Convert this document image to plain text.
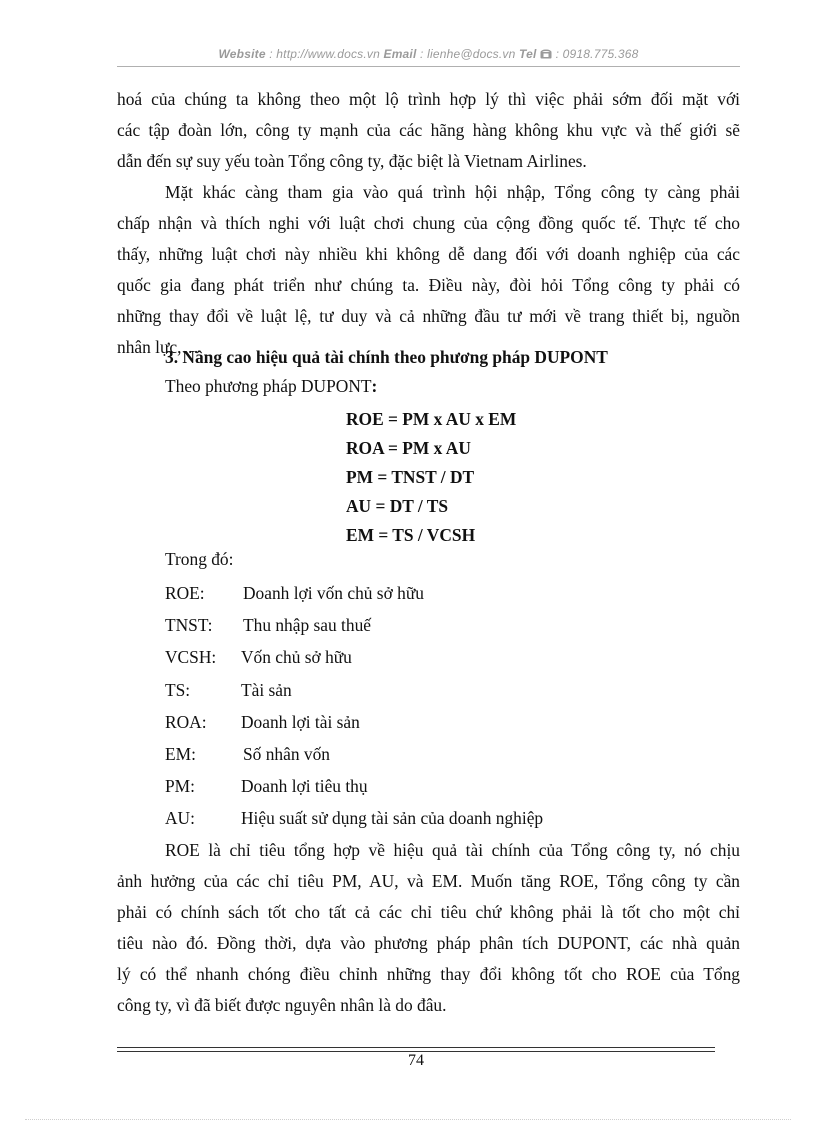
Website : http://www.docs.vn Email : lienhe@docs.vn Tel  : 0918.775.368
hoá của chúng ta không theo một lộ trình hợp lý thì việc phải sớm đối mặt với
các tập đoàn lớn, công ty mạnh của các hãng hàng không khu vực và thế giới sẽ
dẫn đến sự suy yếu toàn Tổng công ty, đặc biệt là Vietnam Airlines.
Mặt khác càng tham gia vào quá trình hội nhập, Tổng công ty càng phải
chấp nhận và thích nghi với luật chơi chung của cộng đồng quốc tế. Thực tế cho
thấy, những luật chơi này nhiều khi không dễ dang đối với doanh nghiệp của các
quốc gia đang phát triển như chúng ta. Điều này, đòi hỏi Tổng công ty phải có
những thay đổi về luật lệ, tư duy và cả những đầu tư mới về trang thiết bị, nguồn
nhân lực,…
3. Nâng cao hiệu quả tài chính theo phương pháp DUPONT
Theo phương pháp DUPONT:
ROE = PM x AU x EM
ROA = PM x AU
PM = TNST / DT
AU = DT / TS
EM = TS / VCSH
Trong đó:
ROE: Doanh lợi vốn chủ sở hữu
TNST: Thu nhập sau thuế
VCSH: Vốn chủ sở hữu
TS:	Tài sản
ROA: Doanh lợi tài sản
EM:	Số nhân vốn
PM:	Doanh lợi tiêu thụ
AU:	Hiệu suất sử dụng tài sản của doanh nghiệp
ROE là chỉ tiêu tổng hợp về hiệu quả tài chính của Tổng công ty, nó chịu
ảnh hưởng của các chỉ tiêu PM, AU, và EM. Muốn tăng ROE, Tổng công ty cần
phải có chính sách tốt cho tất cả các chỉ tiêu chứ không phải là tốt cho một chỉ
tiêu nào đó. Đồng thời, dựa vào phương pháp phân tích DUPONT, các nhà quản
lý có thể nhanh chóng điều chỉnh những thay đổi không tốt cho ROE của Tổng
công ty, vì đã biết được nguyên nhân là do đâu.
74
